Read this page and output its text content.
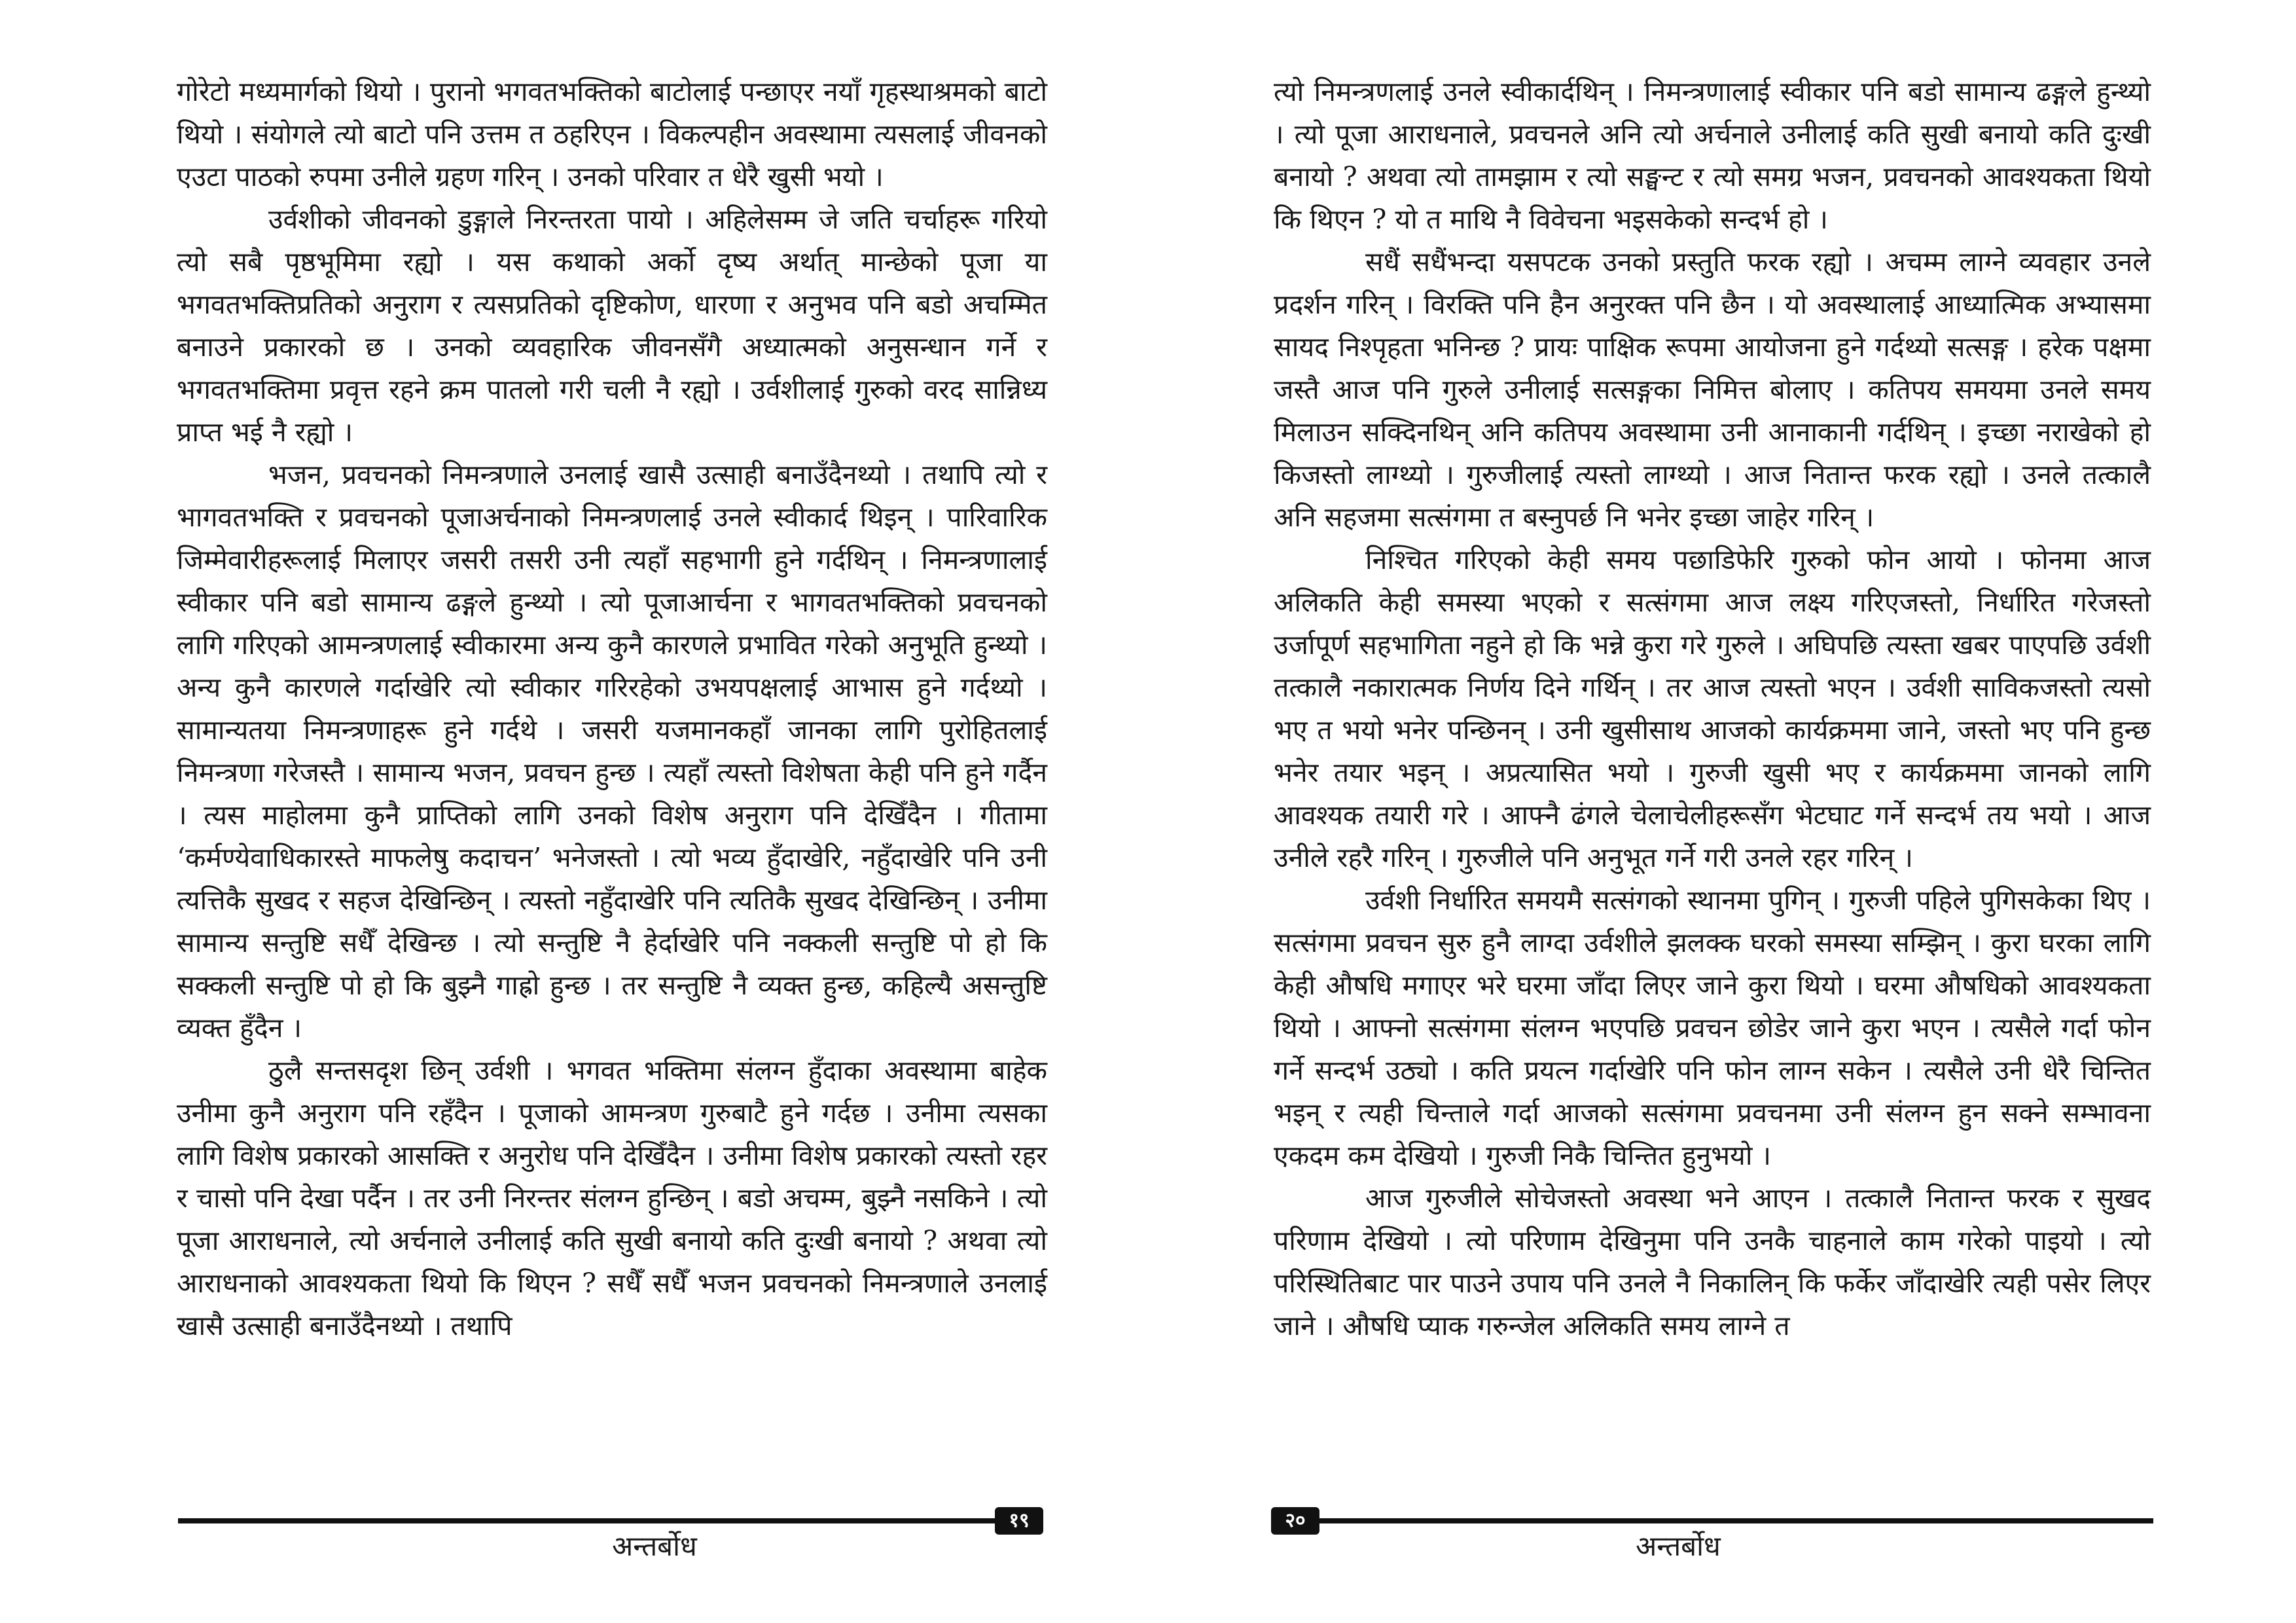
गोरेटो मध्यमार्गको थियो । पुरानो भगवतभक्तिको बाटोलाई पन्छाएर नयाँ गृहस्थाश्रमको बाटो थियो । संयोगले त्यो बाटो पनि उत्तम त ठहरिएन । विकल्पहीन अवस्थामा त्यसलाई जीवनको एउटा पाठको रुपमा उनीले ग्रहण गरिन् । उनको परिवार त धेरै खुसी भयो ।

उर्वशीको जीवनको डुङ्गाले निरन्तरता पायो । अहिलेसम्म जे जति चर्चाहरू गरियो त्यो सबै पृष्ठभूमिमा रह्यो । यस कथाको अर्को दृष्य अर्थात् मान्छेको पूजा या भगवतभक्तिप्रतिको अनुराग र त्यसप्रतिको दृष्टिकोण, धारणा र अनुभव पनि बडो अचम्मित बनाउने प्रकारको छ । उनको व्यवहारिक जीवनसँगै अध्यात्मको अनुसन्धान गर्ने र भगवतभक्तिमा प्रवृत्त रहने क्रम पातलो गरी चली नै रह्यो । उर्वशीलाई गुरुको वरद सान्निध्य प्राप्त भई नै रह्यो ।

भजन, प्रवचनको निमन्त्रणाले उनलाई खासै उत्साही बनाउँदैनथ्यो । तथापि त्यो र भागवतभक्ति र प्रवचनको पूजाअर्चनाको निमन्त्रणलाई उनले स्वीकार्द थिइन् । पारिवारिक जिम्मेवारीहरूलाई मिलाएर जसरी तसरी उनी त्यहाँ सहभागी हुने गर्दथिन् । निमन्त्रणालाई स्वीकार पनि बडो सामान्य ढङ्गले हुन्थ्यो । त्यो पूजाआर्चना र भागवतभक्तिको प्रवचनको लागि गरिएको आमन्त्रणलाई स्वीकारमा अन्य कुनै कारणले प्रभावित गरेको अनुभूति हुन्थ्यो । अन्य कुनै कारणले गर्दाखेरि त्यो स्वीकार गरिरहेको उभयपक्षलाई आभास हुने गर्दथ्यो । सामान्यतया निमन्त्रणाहरू हुने गर्दथे । जसरी यजमानकहाँ जानका लागि पुरोहितलाई निमन्त्रणा गरेजस्तै । सामान्य भजन, प्रवचन हुन्छ । त्यहाँ त्यस्तो विशेषता केही पनि हुने गर्दैन । त्यस माहोलमा कुनै प्राप्तिको लागि उनको विशेष अनुराग पनि देखिँदैन । गीतामा ‘कर्मण्येवाधिकारस्ते माफलेषु कदाचन’ भनेजस्तो । त्यो भव्य हुँदाखेरि, नहुँदाखेरि पनि उनी त्यत्तिकै सुखद र सहज देखिन्छिन् । त्यस्तो नहुँदाखेरि पनि त्यतिकै सुखद देखिन्छिन् । उनीमा सामान्य सन्तुष्टि सधैँ देखिन्छ । त्यो सन्तुष्टि नै हेर्दाखेरि पनि नक्कली सन्तुष्टि पो हो कि सक्कली सन्तुष्टि पो हो कि बुझ्नै गाह्रो हुन्छ । तर सन्तुष्टि नै व्यक्त हुन्छ, कहिल्यै असन्तुष्टि व्यक्त हुँदैन ।

ठुलै सन्तसदृश छिन् उर्वशी । भगवत भक्तिमा संलग्न हुँदाका अवस्थामा बाहेक उनीमा कुनै अनुराग पनि रहँदैन । पूजाको आमन्त्रण गुरुबाटै हुने गर्दछ । उनीमा त्यसका लागि विशेष प्रकारको आसक्ति र अनुरोध पनि देखिँदैन । उनीमा विशेष प्रकारको त्यस्तो रहर र चासो पनि देखा पर्दैन । तर उनी निरन्तर संलग्न हुन्छिन् । बडो अचम्म, बुझ्नै नसकिने । त्यो पूजा आराधनाले, त्यो अर्चनाले उनीलाई कति सुखी बनायो कति दुःखी बनायो ? अथवा त्यो आराधनाको आवश्यकता थियो कि थिएन ? सधैँ सधैँ भजन प्रवचनको निमन्त्रणाले उनलाई खासै उत्साही बनाउँदैनथ्यो । तथापि

१९
अन्तर्बोध

त्यो निमन्त्रणलाई उनले स्वीकार्दथिन् । निमन्त्रणालाई स्वीकार पनि बडो सामान्य ढङ्गले हुन्थ्यो । त्यो पूजा आराधनाले, प्रवचनले अनि त्यो अर्चनाले उनीलाई कति सुखी बनायो कति दुःखी बनायो ? अथवा त्यो तामझाम र त्यो सङ्घन्ट र त्यो समग्र भजन, प्रवचनको आवश्यकता थियो कि थिएन ? यो त माथि नै विवेचना भइसकेको सन्दर्भ हो ।

सधैं सधैंभन्दा यसपटक उनको प्रस्तुति फरक रह्यो । अचम्म लाग्ने व्यवहार उनले प्रदर्शन गरिन् । विरक्ति पनि हैन अनुरक्त पनि छैन । यो अवस्थालाई आध्यात्मिक अभ्यासमा सायद निश्पृहता भनिन्छ ? प्रायः पाक्षिक रूपमा आयोजना हुने गर्दथ्यो सत्सङ्ग । हरेक पक्षमा जस्तै आज पनि गुरुले उनीलाई सत्सङ्गका निमित्त बोलाए । कतिपय समयमा उनले समय मिलाउन सक्दिनथिन् अनि कतिपय अवस्थामा उनी आनाकानी गर्दथिन् । इच्छा नराखेको हो किजस्तो लाग्थ्यो । गुरुजीलाई त्यस्तो लाग्थ्यो । आज नितान्त फरक रह्यो । उनले तत्कालै अनि सहजमा सत्संगमा त बस्नुपर्छ नि भनेर इच्छा जाहेर गरिन् ।

निश्चित गरिएको केही समय पछाडिफेरि गुरुको फोन आयो । फोनमा आज अलिकति केही समस्या भएको र सत्संगमा आज लक्ष्य गरिएजस्तो, निर्धारित गरेजस्तो उर्जापूर्ण सहभागिता नहुने हो कि भन्ने कुरा गरे गुरुले । अघिपछि त्यस्ता खबर पाएपछि उर्वशी तत्कालै नकारात्मक निर्णय दिने गर्थिन् । तर आज त्यस्तो भएन । उर्वशी साविकजस्तो त्यसो भए त भयो भनेर पन्छिनन् । उनी खुसीसाथ आजको कार्यक्रममा जाने, जस्तो भए पनि हुन्छ भनेर तयार भइन् । अप्रत्यासित भयो । गुरुजी खुसी भए र कार्यक्रममा जानको लागि आवश्यक तयारी गरे । आफ्नै ढंगले चेलाचेलीहरूसँग भेटघाट गर्ने सन्दर्भ तय भयो । आज उनीले रहरै गरिन् । गुरुजीले पनि अनुभूत गर्ने गरी उनले रहर गरिन् ।

उर्वशी निर्धारित समयमै सत्संगको स्थानमा पुगिन् । गुरुजी पहिले पुगिसकेका थिए । सत्संगमा प्रवचन सुरु हुनै लाग्दा उर्वशीले झलक्क घरको समस्या सम्झिन् । कुरा घरका लागि केही औषधि मगाएर भरे घरमा जाँदा लिएर जाने कुरा थियो । घरमा औषधिको आवश्यकता थियो । आफ्नो सत्संगमा संलग्न भएपछि प्रवचन छोडेर जाने कुरा भएन । त्यसैले गर्दा फोन गर्ने सन्दर्भ उठ्यो । कति प्रयत्न गर्दाखेरि पनि फोन लाग्न सकेन । त्यसैले उनी धेरै चिन्तित भइन् र त्यही चिन्ताले गर्दा आजको सत्संगमा प्रवचनमा उनी संलग्न हुन सक्ने सम्भावना एकदम कम देखियो । गुरुजी निकै चिन्तित हुनुभयो ।

आज गुरुजीले सोचेजस्तो अवस्था भने आएन । तत्कालै नितान्त फरक र सुखद परिणाम देखियो । त्यो परिणाम देखिनुमा पनि उनकै चाहनाले काम गरेको पाइयो । त्यो परिस्थितिबाट पार पाउने उपाय पनि उनले नै निकालिन् कि फर्केर जाँदाखेरि त्यही पसेर लिएर जाने । औषधि प्याक गरुन्जेल अलिकति समय लाग्ने त

२०
अन्तर्बोध
